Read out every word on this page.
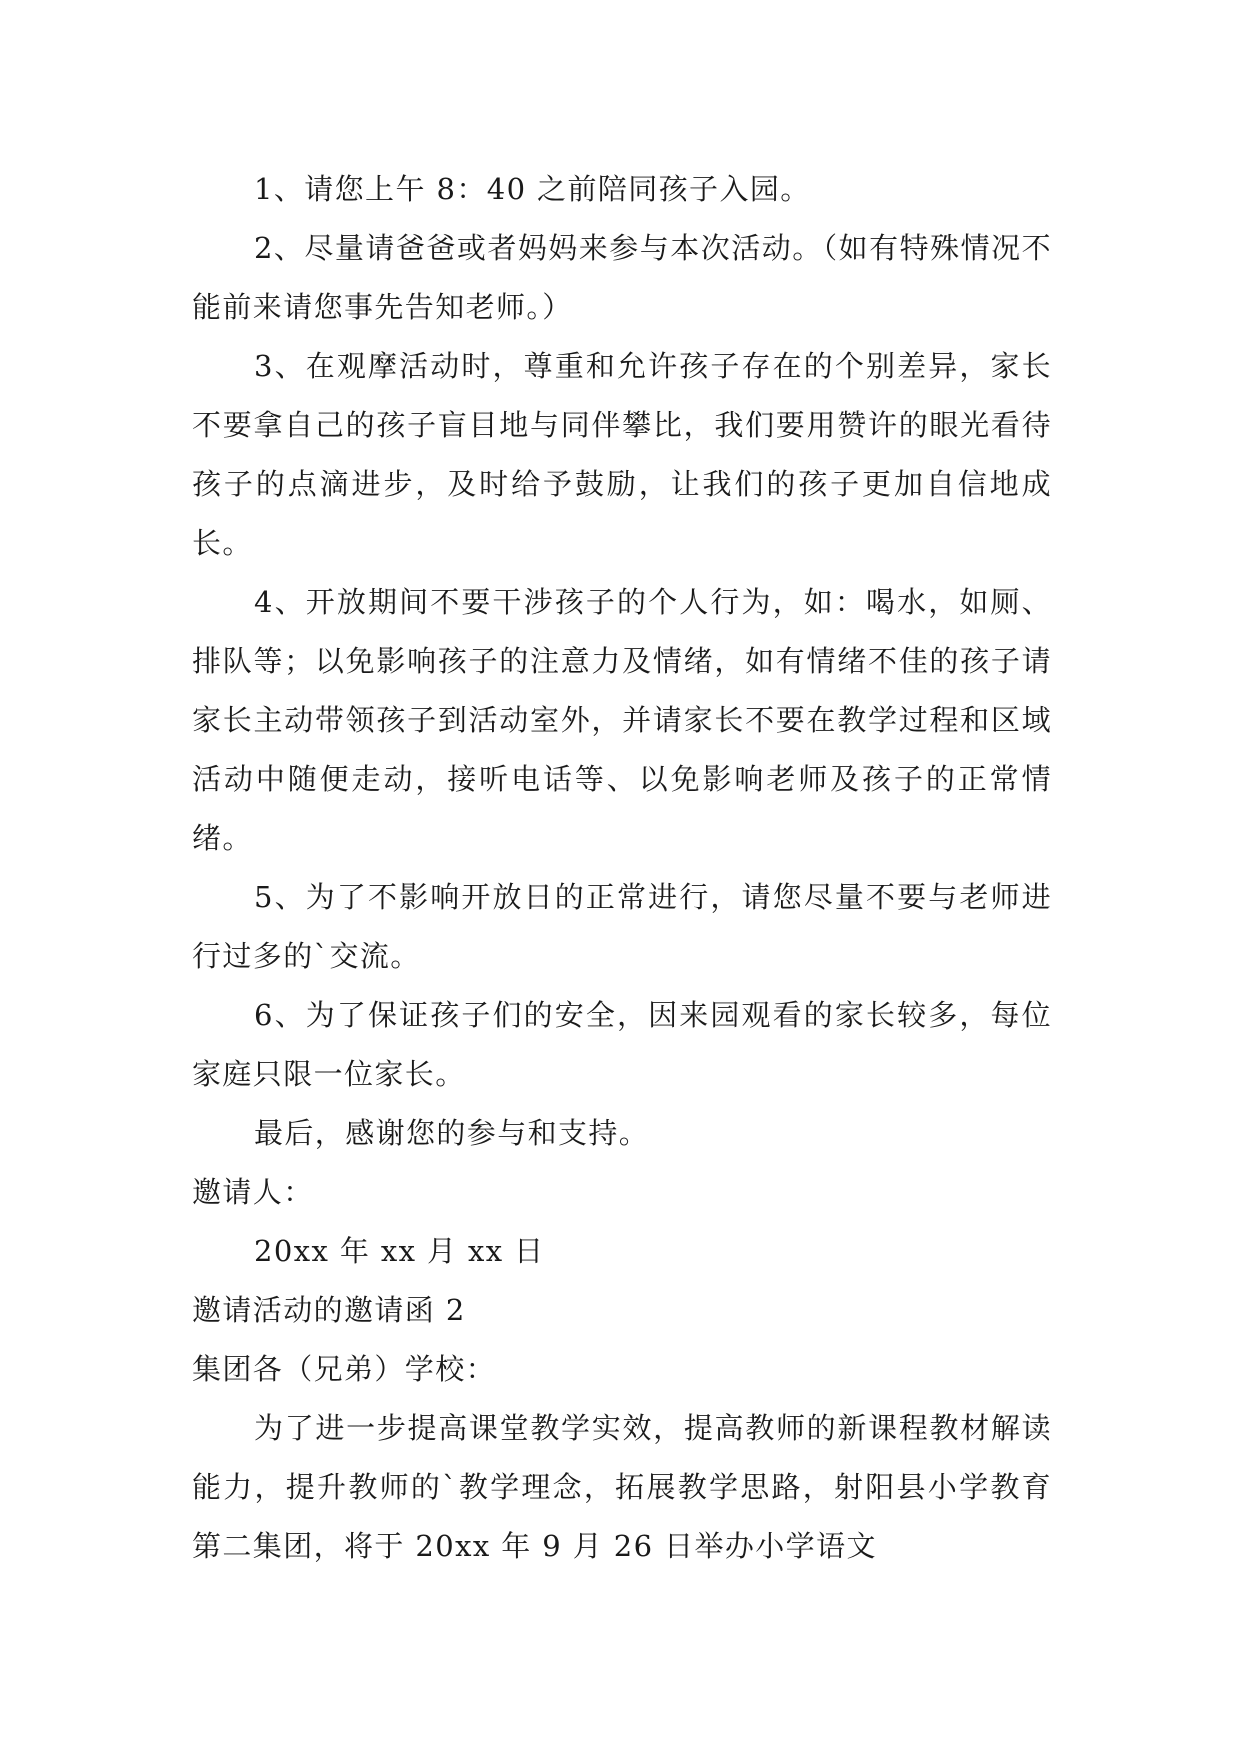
1、请您上午 8：40 之前陪同孩子入园。

2、尽量请爸爸或者妈妈来参与本次活动。（如有特殊情况不能前来请您事先告知老师。）

3、在观摩活动时，尊重和允许孩子存在的个别差异，家长不要拿自己的孩子盲目地与同伴攀比，我们要用赞许的眼光看待孩子的点滴进步，及时给予鼓励，让我们的孩子更加自信地成长。

4、开放期间不要干涉孩子的个人行为，如：喝水，如厕、排队等；以免影响孩子的注意力及情绪，如有情绪不佳的孩子请家长主动带领孩子到活动室外，并请家长不要在教学过程和区域活动中随便走动，接听电话等、以免影响老师及孩子的正常情绪。

5、为了不影响开放日的正常进行，请您尽量不要与老师进行过多的`交流。

6、为了保证孩子们的安全，因来园观看的家长较多，每位家庭只限一位家长。

最后，感谢您的参与和支持。

邀请人：

20xx 年 xx 月 xx 日

邀请活动的邀请函 2

集团各（兄弟）学校：

为了进一步提高课堂教学实效，提高教师的新课程教材解读能力，提升教师的`教学理念，拓展教学思路，射阳县小学教育第二集团，将于 20xx 年 9 月 26 日举办小学语文
